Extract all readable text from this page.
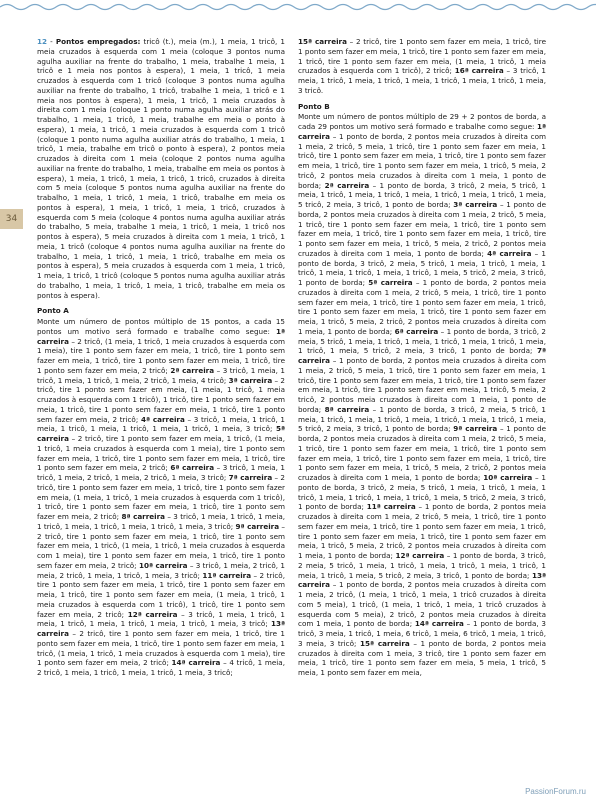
34

12 - Pontos empregados: tricô (t.), meia (m.), 1 meia, 1 tricô, 1 meia cruzados à esquerda com 1 meia (coloque 3 pontos numa agulha auxiliar na frente do trabalho, 1 meia, trabalhe 1 meia, 1 tricô e 1 meia nos pontos à espera), 1 meia, 1 tricô, 1 meia cruzados à esquerda com 1 tricô (coloque 3 pontos numa agulha auxiliar na frente do trabalho, 1 tricô, trabalhe 1 meia, 1 tricô e 1 meia nos pontos à espera), 1 meia, 1 tricô, 1 meia cruzados à direita com 1 meia (coloque 1 ponto numa agulha auxiliar atrás do trabalho, 1 meia, 1 tricô, 1 meia, trabalhe em meia o ponto à espera), 1 meia, 1 tricô, 1 meia cruzados à esquerda com 1 tricô (coloque 1 ponto numa agulha auxiliar atrás do trabalho, 1 meia, 1 tricô, 1 meia, trabalhe em tricô o ponto à espera), 2 pontos meia cruzados à direita com 1 meia (coloque 2 pontos numa agulha auxiliar na frente do trabalho, 1 meia, trabalhe em meia os pontos à espera), 1 meia, 1 tricô, 1 meia, 1 tricô, 1 tricô, cruzados à direita com 5 meia (coloque 5 pontos numa agulha auxiliar na frente do trabalho, 1 meia, 1 tricô, 1 meia, 1 tricô, trabalhe em meia os pontos à espera), 1 meia, 1 tricô, 1 meia, 1 tricô, cruzados à esquerda com 5 meia (coloque 4 pontos numa agulha auxiliar atrás do trabalho, 5 meia, trabalhe 1 meia, 1 tricô, 1 meia, 1 tricô nos pontos à espera), 5 meia cruzados à direita com 1 meia, 1 tricô, 1 meia, 1 tricô (coloque 4 pontos numa agulha auxiliar na frente do trabalho, 1 meia, 1 tricô, 1 meia, 1 tricô, trabalhe em meia os pontos à espera), 5 meia cruzados à esquerda com 1 meia, 1 tricô, 1 meia, 1 tricô, 1 tricô (coloque 5 pontos numa agulha auxiliar atrás do trabalho, 1 meia, 1 tricô, 1 meia, 1 tricô, trabalhe em meia os pontos à espera).

Ponto A

Monte um número de pontos múltiplo de 15 pontos, a cada 15 pontos um motivo será formado e trabalhe como segue: 1ª carreira – 2 tricô, (1 meia, 1 tricô, 1 meia cruzados à esquerda com 1 meia), tire 1 ponto sem fazer em meia, 1 tricô, tire 1 ponto sem fazer em meia, 1 tricô, tire 1 ponto sem fazer em meia, 1 tricô, tire 1 ponto sem fazer em meia, 2 tricô; 2ª carreira – 3 tricô, 1 meia, 1 tricô, 1 meia, 1 tricô, 1 meia, 2 tricô, 1 meia, 4 tricô; 3ª carreira – 2 tricô, tire 1 ponto sem fazer em meia, (1 meia, 1 tricô, 1 meia cruzados à esquerda com 1 tricô), 1 tricô, tire 1 ponto sem fazer em meia, 1 tricô, tire 1 ponto sem fazer em meia, 1 tricô, tire 1 ponto sem fazer em meia, 2 tricô; 4ª carreira – 3 tricô, 1 meia, 1 tricô, 1 meia, 1 tricô, 1 meia, 1 tricô, 1 meia, 1 tricô, 1 meia, 3 tricô; 5ª carreira – 2 tricô, tire 1 ponto sem fazer em meia, 1 tricô, (1 meia, 1 tricô, 1 meia cruzados à esquerda com 1 meia), tire 1 ponto sem fazer em meia, 1 tricô, tire 1 ponto sem fazer em meia, 1 tricô, tire 1 ponto sem fazer em meia, 2 tricô; 6ª carreira – 3 tricô, 1 meia, 1 tricô, 1 meia, 2 tricô, 1 meia, 2 tricô, 1 meia, 3 tricô; 7ª carreira – 2 tricô, tire 1 ponto sem fazer em meia, 1 tricô, tire 1 ponto sem fazer em meia, (1 meia, 1 tricô, 1 meia cruzados à esquerda com 1 tricô), 1 tricô, tire 1 ponto sem fazer em meia, 1 tricô, tire 1 ponto sem fazer em meia, 2 tricô; 8ª carreira – 3 tricô, 1 meia, 1 tricô, 1 meia, 1 tricô, 1 meia, 1 tricô, 1 meia, 1 tricô, 1 meia, 3 tricô; 9ª carreira – 2 tricô, tire 1 ponto sem fazer em meia, 1 tricô, tire 1 ponto sem fazer em meia, 1 tricô, (1 meia, 1 tricô, 1 meia cruzados à esquerda com 1 meia), tire 1 ponto sem fazer em meia, 1 tricô, tire 1 ponto sem fazer em meia, 2 tricô; 10ª carreira – 3 tricô, 1 meia, 2 tricô, 1 meia, 2 tricô, 1 meia, 1 tricô, 1 meia, 3 tricô; 11ª carreira – 2 tricô, tire 1 ponto sem fazer em meia, 1 tricô, tire 1 ponto sem fazer em meia, 1 tricô, tire 1 ponto sem fazer em meia, (1 meia, 1 tricô, 1 meia cruzados à esquerda com 1 tricô), 1 tricô, tire 1 ponto sem fazer em meia, 2 tricô; 12ª carreira – 3 tricô, 1 meia, 1 tricô, 1 meia, 1 tricô, 1 meia, 1 tricô, 1 meia, 1 tricô, 1 meia, 3 tricô; 13ª carreira – 2 tricô, tire 1 ponto sem fazer em meia, 1 tricô, tire 1 ponto sem fazer em meia, 1 tricô, tire 1 ponto sem fazer em meia, 1 tricô, (1 meia, 1 tricô, 1 meia cruzados à esquerda com 1 meia), tire 1 ponto sem fazer em meia, 2 tricô; 14ª carreira – 4 tricô, 1 meia, 2 tricô, 1 meia, 1 tricô, 1 meia, 1 tricô, 1 meia, 3 tricô;

15ª carreira – 2 tricô, tire 1 ponto sem fazer em meia, 1 tricô, tire 1 ponto sem fazer em meia, 1 tricô, tire 1 ponto sem fazer em meia, 1 tricô, tire 1 ponto sem fazer em meia, (1 meia, 1 tricô, 1 meia cruzados à esquerda com 1 tricô), 2 tricô; 16ª carreira – 3 tricô, 1 meia, 1 tricô, 1 meia, 1 tricô, 1 meia, 1 tricô, 1 meia, 1 tricô, 1 meia, 3 tricô.

Ponto B

Monte um número de pontos múltiplo de 29 + 2 pontos de borda, a cada 29 pontos um motivo será formado e trabalhe como segue: 1ª carreira – 1 ponto de borda, 2 pontos meia cruzados à direita com 1 meia, 2 tricô, 5 meia, 1 tricô, tire 1 ponto sem fazer em meia, 1 tricô, tire 1 ponto sem fazer em meia, 1 tricô, tire 1 ponto sem fazer em meia, 1 tricô, tire 1 ponto sem fazer em meia, 1 tricô, 5 meia, 2 tricô, 2 pontos meia cruzados à direita com 1 meia, 1 ponto de borda; 2ª carreira – 1 ponto de borda, 3 tricô, 2 meia, 5 tricô, 1 meia, 1 tricô, 1 meia, 1 tricô, 1 meia, 1 tricô, 1 meia, 1 tricô, 1 meia, 5 tricô, 2 meia, 3 tricô, 1 ponto de borda; 3ª carreira – 1 ponto de borda, 2 pontos meia cruzados à direita com 1 meia, 2 tricô, 5 meia, 1 tricô, tire 1 ponto sem fazer em meia, 1 tricô, tire 1 ponto sem fazer em meia, 1 tricô, tire 1 ponto sem fazer em meia, 1 tricô, tire 1 ponto sem fazer em meia, 1 tricô, 5 meia, 2 tricô, 2 pontos meia cruzados à direita com 1 meia, 1 ponto de borda; 4ª carreira – 1 ponto de borda, 3 tricô, 2 meia, 5 tricô, 1 meia, 1 tricô, 1 meia, 1 tricô, 1 meia, 1 tricô, 1 meia, 1 tricô, 1 meia, 5 tricô, 2 meia, 3 tricô, 1 ponto de borda; 5ª carreira – 1 ponto de borda, 2 pontos meia cruzados à direita com 1 meia, 2 tricô, 5 meia, 1 tricô, tire 1 ponto sem fazer em meia, 1 tricô, tire 1 ponto sem fazer em meia, 1 tricô, tire 1 ponto sem fazer em meia, 1 tricô, tire 1 ponto sem fazer em meia, 1 tricô, 5 meia, 2 tricô, 2 pontos meia cruzados à direita com 1 meia, 1 ponto de borda; 6ª carreira – 1 ponto de borda, 3 tricô, 2 meia, 5 tricô, 1 meia, 1 tricô, 1 meia, 1 tricô, 1 meia, 1 tricô, 1 meia, 1 tricô, 1 meia, 5 tricô, 2 meia, 3 tricô, 1 ponto de borda; 7ª carreira – 1 ponto de borda, 2 pontos meia cruzados à direita com 1 meia, 2 tricô, 5 meia, 1 tricô, tire 1 ponto sem fazer em meia, 1 tricô, tire 1 ponto sem fazer em meia, 1 tricô, tire 1 ponto sem fazer em meia, 1 tricô, tire 1 ponto sem fazer em meia, 1 tricô, 5 meia, 2 tricô, 2 pontos meia cruzados à direita com 1 meia, 1 ponto de borda; 8ª carreira – 1 ponto de borda, 3 tricô, 2 meia, 5 tricô, 1 meia, 1 tricô, 1 meia, 1 tricô, 1 meia, 1 tricô, 1 meia, 1 tricô, 1 meia, 5 tricô, 2 meia, 3 tricô, 1 ponto de borda; 9ª carreira – 1 ponto de borda, 2 pontos meia cruzados à direita com 1 meia, 2 tricô, 5 meia, 1 tricô, tire 1 ponto sem fazer em meia, 1 tricô, tire 1 ponto sem fazer em meia, 1 tricô, tire 1 ponto sem fazer em meia, 1 tricô, tire 1 ponto sem fazer em meia, 1 tricô, 5 meia, 2 tricô, 2 pontos meia cruzados à direita com 1 meia, 1 ponto de borda; 10ª carreira – 1 ponto de borda, 3 tricô, 2 meia, 5 tricô, 1 meia, 1 tricô, 1 meia, 1 tricô, 1 meia, 1 tricô, 1 meia, 1 tricô, 1 meia, 5 tricô, 2 meia, 3 tricô, 1 ponto de borda; 11ª carreira – 1 ponto de borda, 2 pontos meia cruzados à direita com 1 meia, 2 tricô, 5 meia, 1 tricô, tire 1 ponto sem fazer em meia, 1 tricô, tire 1 ponto sem fazer em meia, 1 tricô, tire 1 ponto sem fazer em meia, 1 tricô, tire 1 ponto sem fazer em meia, 1 tricô, 5 meia, 2 tricô, 2 pontos meia cruzados à direita com 1 meia, 1 ponto de borda; 12ª carreira – 1 ponto de borda, 3 tricô, 2 meia, 5 tricô, 1 meia, 1 tricô, 1 meia, 1 tricô, 1 meia, 1 tricô, 1 meia, 1 tricô, 1 meia, 5 tricô, 2 meia, 3 tricô, 1 ponto de borda; 13ª carreira – 1 ponto de borda, 2 pontos meia cruzados à direita com 1 meia, 2 tricô, (1 meia, 1 tricô, 1 meia, 1 tricô cruzados à direita com 5 meia), 1 tricô, (1 meia, 1 tricô, 1 meia, 1 tricô cruzados à esquerda com 5 meia), 2 tricô, 2 pontos meia cruzados à direita com 1 meia, 1 ponto de borda; 14ª carreira – 1 ponto de borda, 3 tricô, 3 meia, 1 tricô, 1 meia, 6 tricô, 1 meia, 6 tricô, 1 meia, 1 tricô, 3 meia, 3 tricô; 15ª carreira – 1 ponto de borda, 2 pontos meia cruzados à direita com 1 meia, 3 tricô, tire 1 ponto sem fazer em meia, 1 tricô, tire 1 ponto sem fazer em meia, 5 meia, 1 tricô, 5 meia, 1 ponto sem fazer em meia,

PassionForum.ru
